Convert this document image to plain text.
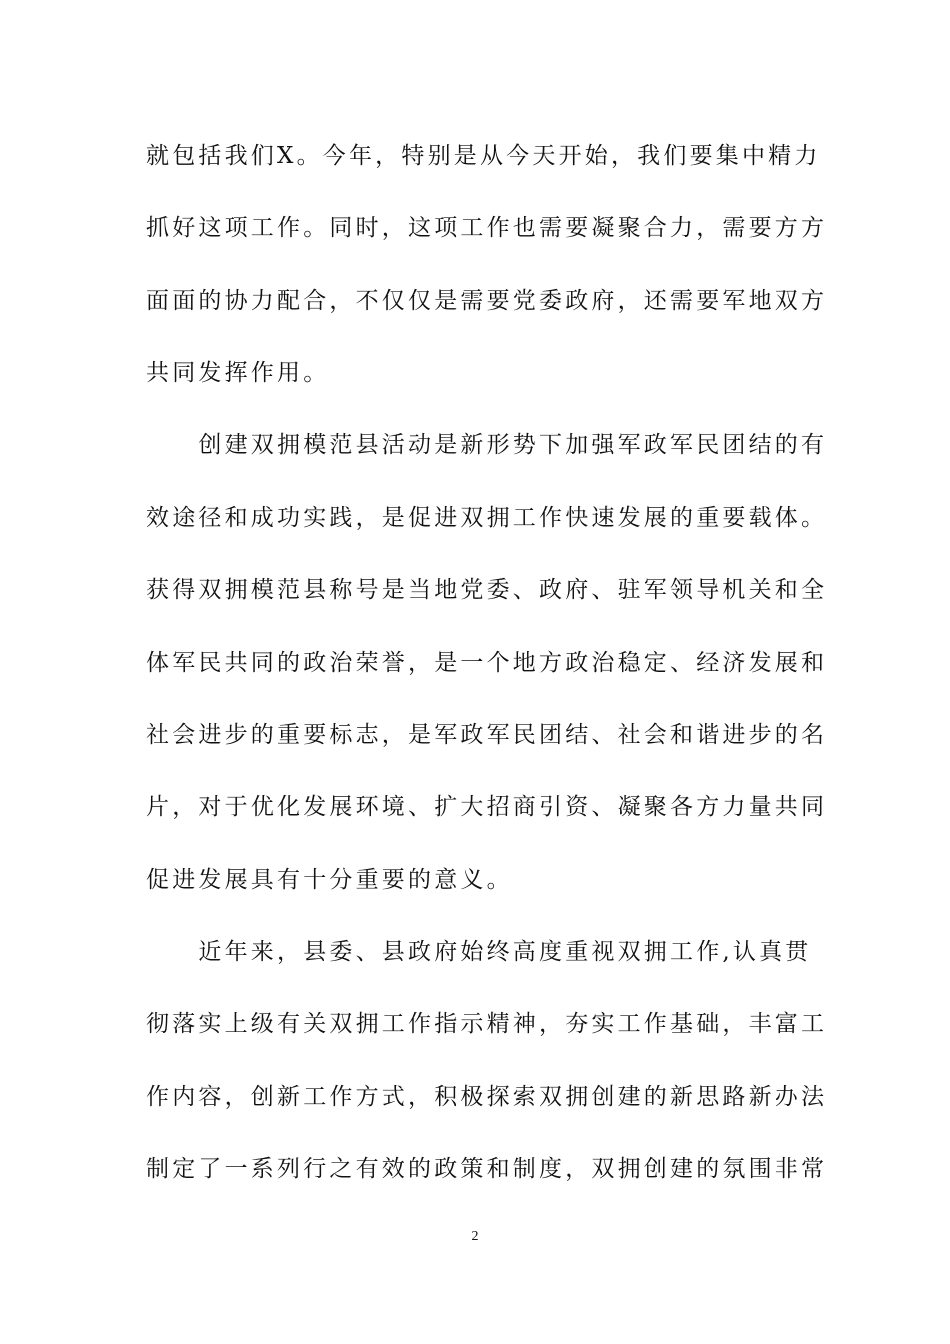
就包括我们X。今年，特别是从今天开始，我们要集中精力
抓好这项工作。同时，这项工作也需要凝聚合力，需要方方
面面的协力配合，不仅仅是需要党委政府，还需要军地双方
共同发挥作用。
　　创建双拥模范县活动是新形势下加强军政军民团结的有
效途径和成功实践，是促进双拥工作快速发展的重要载体。
获得双拥模范县称号是当地党委、政府、驻军领导机关和全
体军民共同的政治荣誉，是一个地方政治稳定、经济发展和
社会进步的重要标志，是军政军民团结、社会和谐进步的名
片，对于优化发展环境、扩大招商引资、凝聚各方力量共同
促进发展具有十分重要的意义。
　　近年来，县委、县政府始终高度重视双拥工作,认真贯
彻落实上级有关双拥工作指示精神，夯实工作基础，丰富工
作内容，创新工作方式，积极探索双拥创建的新思路新办法
制定了一系列行之有效的政策和制度，双拥创建的氛围非常
2
